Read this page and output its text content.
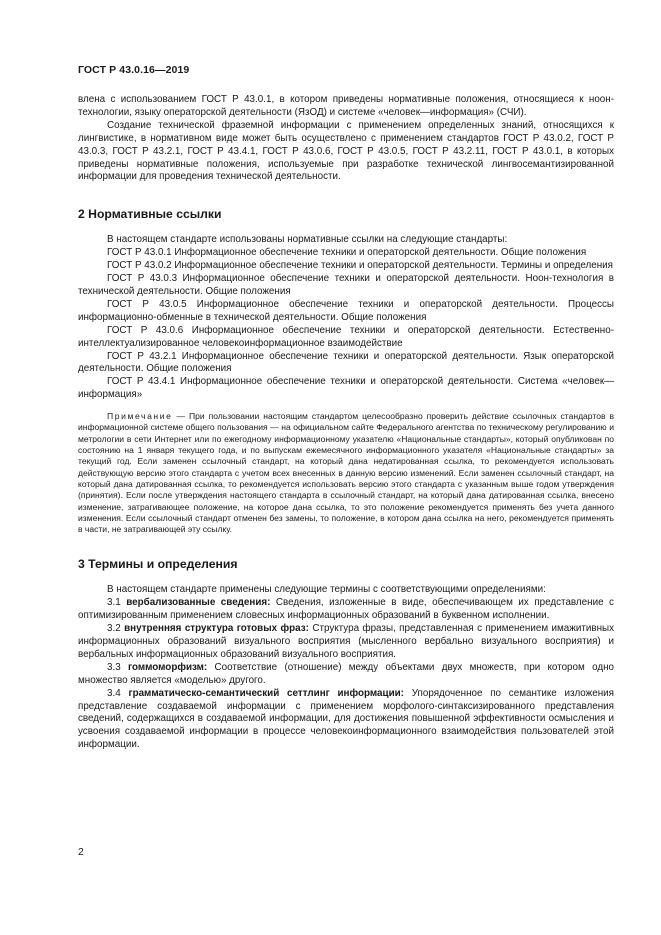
ГОСТ Р 43.0.16—2019

влена с использованием ГОСТ Р 43.0.1, в котором приведены нормативные положения, относящиеся к ноон-технологии, языку операторской деятельности (ЯзОД) и системе «человек—информация» (СЧИ).

Создание технической фраземной информации с применением определенных знаний, относящихся к лингвистике, в нормативном виде может быть осуществлено с применением стандартов ГОСТ Р 43.0.2, ГОСТ Р 43.0.3, ГОСТ Р 43.2.1, ГОСТ Р 43.4.1, ГОСТ Р 43.0.6, ГОСТ Р 43.0.5, ГОСТ Р 43.2.11, ГОСТ Р 43.0.1, в которых приведены нормативные положения, используемые при разработке технической лингвосемантизированной информации для проведения технической деятельности.

2 Нормативные ссылки

В настоящем стандарте использованы нормативные ссылки на следующие стандарты:

ГОСТ Р 43.0.1 Информационное обеспечение техники и операторской деятельности. Общие положения

ГОСТ Р 43.0.2 Информационное обеспечение техники и операторской деятельности. Термины и определения

ГОСТ Р 43.0.3 Информационное обеспечение техники и операторской деятельности. Ноон-технология в технической деятельности. Общие положения

ГОСТ Р 43.0.5 Информационное обеспечение техники и операторской деятельности. Процессы информационно-обменные в технической деятельности. Общие положения

ГОСТ Р 43.0.6 Информационное обеспечение техники и операторской деятельности. Естественно-интеллектуализированное человекоинформационное взаимодействие

ГОСТ Р 43.2.1 Информационное обеспечение техники и операторской деятельности. Язык операторской деятельности. Общие положения

ГОСТ Р 43.4.1 Информационное обеспечение техники и операторской деятельности. Система «человек—информация»

Примечание — При пользовании настоящим стандартом целесообразно проверить действие ссылочных стандартов в информационной системе общего пользования — на официальном сайте Федерального агентства по техническому регулированию и метрологии в сети Интернет или по ежегодному информационному указателю «Национальные стандарты», который опубликован по состоянию на 1 января текущего года, и по выпускам ежемесячного информационного указателя «Национальные стандарты» за текущий год. Если заменен ссылочный стандарт, на который дана недатированная ссылка, то рекомендуется использовать действующую версию этого стандарта с учетом всех внесенных в данную версию изменений. Если заменен ссылочный стандарт, на который дана датированная ссылка, то рекомендуется использовать версию этого стандарта с указанным выше годом утверждения (принятия). Если после утверждения настоящего стандарта в ссылочный стандарт, на который дана датированная ссылка, внесено изменение, затрагивающее положение, на которое дана ссылка, то это положение рекомендуется применять без учета данного изменения. Если ссылочный стандарт отменен без замены, то положение, в котором дана ссылка на него, рекомендуется применять в части, не затрагивающей эту ссылку.

3 Термины и определения

В настоящем стандарте применены следующие термины с соответствующими определениями:

3.1 вербализованные сведения: Сведения, изложенные в виде, обеспечивающем их представление с оптимизированным применением словесных информационных образований в буквенном исполнении.

3.2 внутренняя структура готовых фраз: Структура фразы, представленная с применением имажитивных информационных образований визуального восприятия (мысленного вербально визуального восприятия) и вербальных информационных образований визуального восприятия.

3.3 гоммоморфизм: Соответствие (отношение) между объектами двух множеств, при котором одно множество является «моделью» другого.

3.4 грамматическо-семантический сеттлинг информации: Упорядоченное по семантике изложения представление создаваемой информации с применением морфолого-синтаксизированного представления сведений, содержащихся в создаваемой информации, для достижения повышенной эффективности осмысления и усвоения создаваемой информации в процессе человекоинформационного взаимодействия пользователей этой информации.

2
